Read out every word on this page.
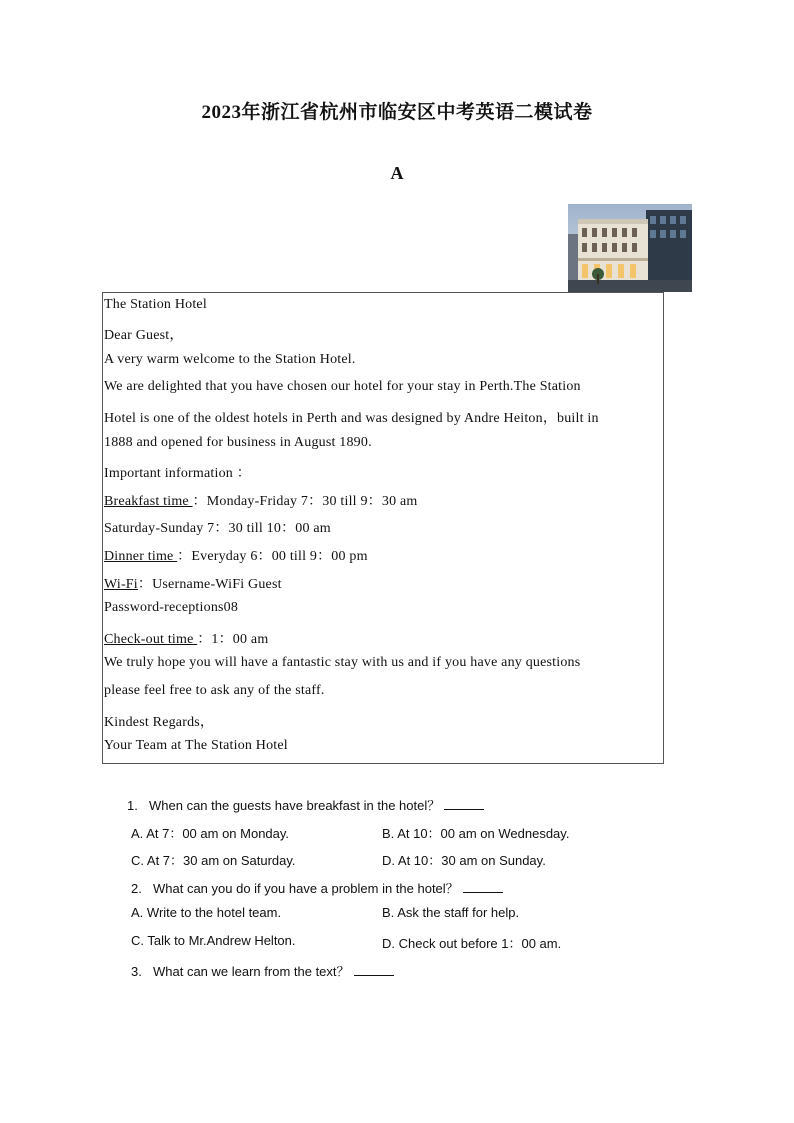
2023年浙江省杭州市临安区中考英语二模试卷
A
The Station Hotel
Dear Guest，
A very warm welcome to the Station Hotel.
We are delighted that you have chosen our hotel for your stay in Perth.The Station
Hotel is one of the oldest hotels in Perth and was designed by Andre Heiton，built in
1888 and opened for business in August 1890.
Important information ：
Breakfast time ：Monday-Friday 7：30 till 9：30 am
Saturday-Sunday 7：30 till 10：00 am
Dinner time ：Everyday 6：00 till 9：00 pm
Wi-Fi：Username-WiFi Guest
Password-receptions08
Check-out time ：1：00 am
We truly hope you will have a fantastic stay with us and if you have any questions
please feel free to ask any of the staff.
Kindest Regards，
Your Team at The Station Hotel
1. When can the guests have breakfast in the hotel？
A. At 7：00 am on Monday.	B. At 10：00 am on Wednesday.
C. At 7：30 am on Saturday.	D. At 10：30 am on Sunday.
2. What can you do if you have a problem in the hotel？
A. Write to the hotel team.	B. Ask the staff for help.
C. Talk to Mr.Andrew Helton.	D. Check out before 1：00 am.
3. What can we learn from the text？
